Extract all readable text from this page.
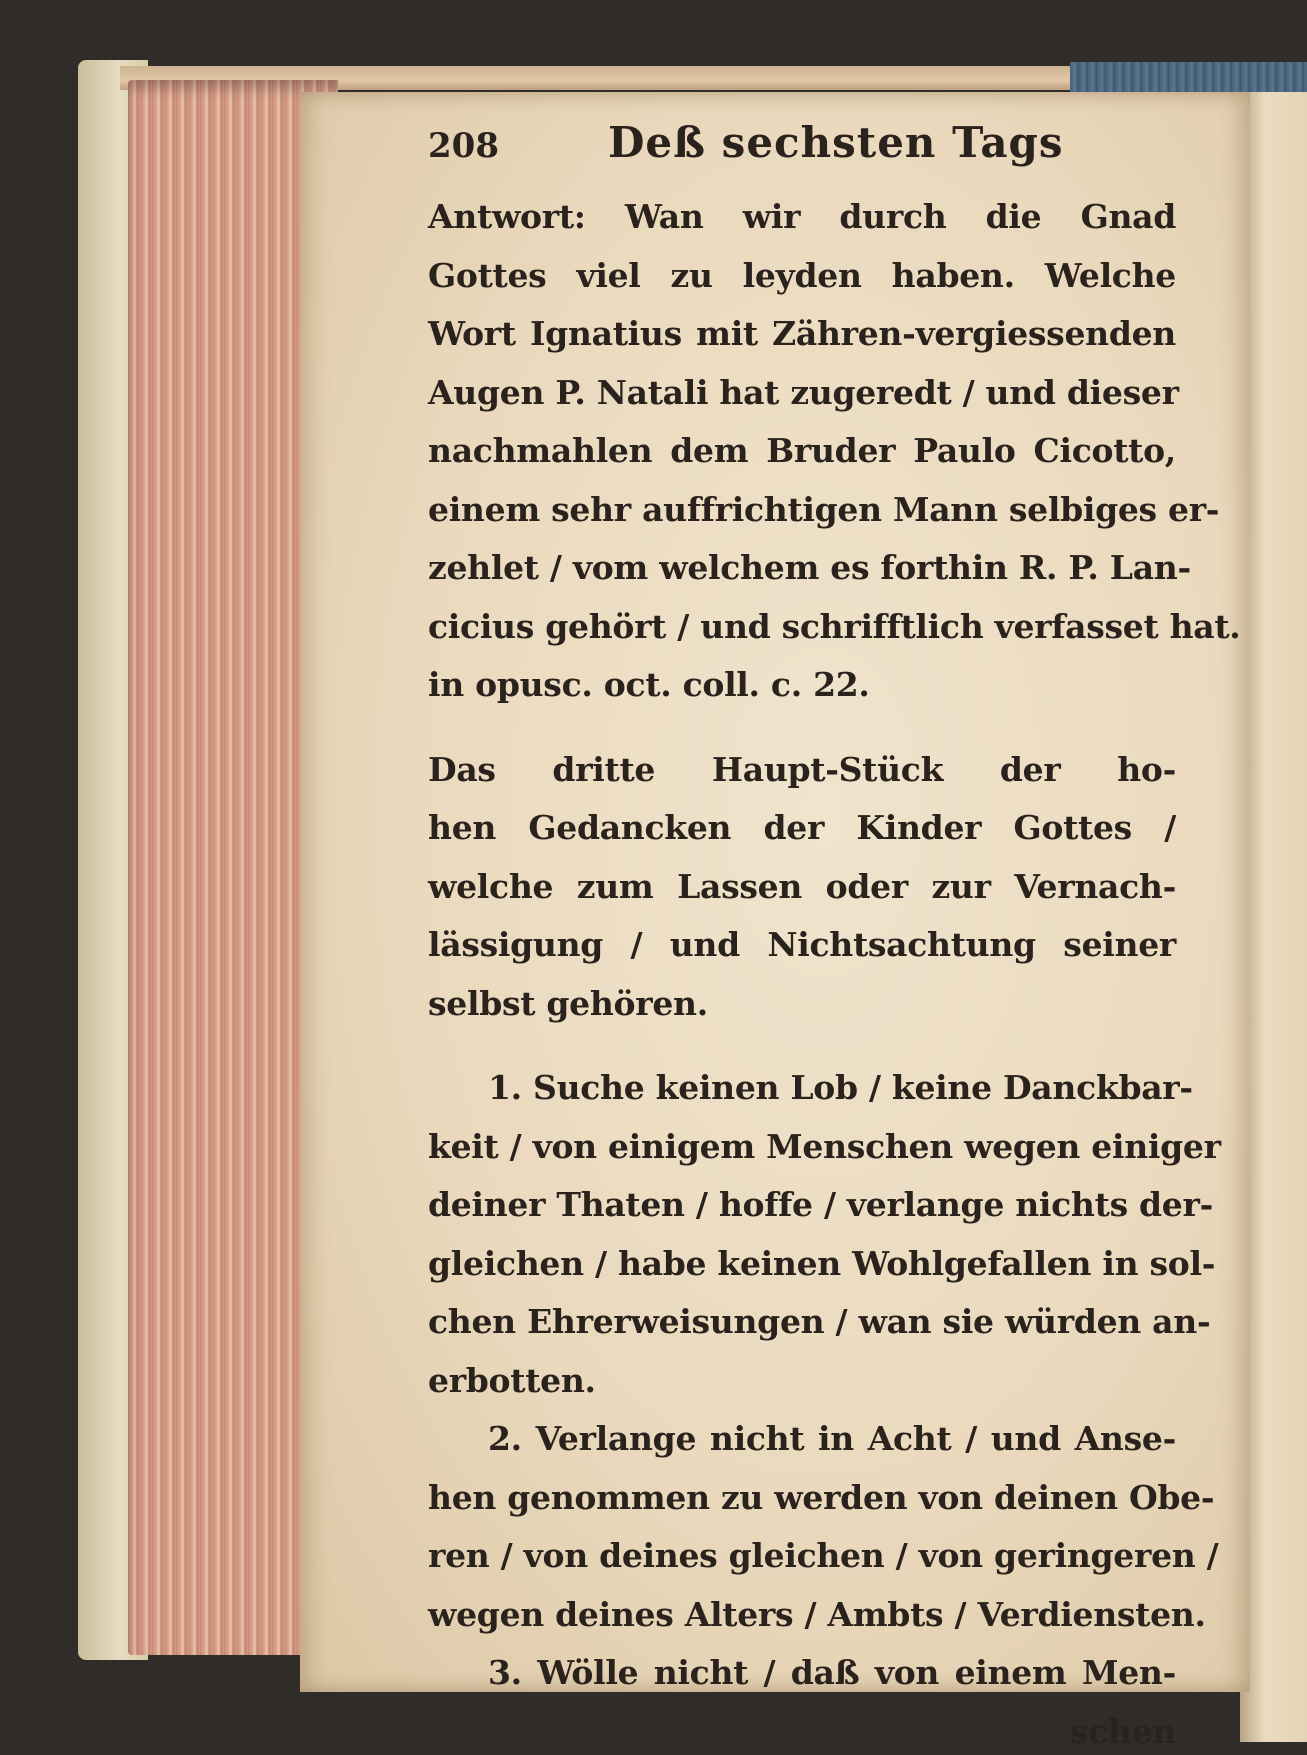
208	Deß sechsten Tags
Antwort: Wan wir durch die Gnad
Gottes viel zu leyden haben. Welche
Wort Ignatius mit Zähren-vergiessenden
Augen P. Natali hat zugeredt / und dieser
nachmahlen dem Bruder Paulo Cicotto,
einem sehr auffrichtigen Mann selbiges er-
zehlet / vom welchem es forthin R. P. Lan-
cicius gehört / und schrifftlich verfasset hat.
in opusc. oct. coll. c. 22.
Das dritte Haupt-Stück der ho-
hen Gedancken der Kinder Gottes /
welche zum Lassen oder zur Vernach-
lässigung / und Nichtsachtung seiner
selbst gehören.
1. Suche keinen Lob / keine Danckbar-
keit / von einigem Menschen wegen einiger
deiner Thaten / hoffe / verlange nichts der-
gleichen / habe keinen Wohlgefallen in sol-
chen Ehrerweisungen / wan sie würden an-
erbotten.
2. Verlange nicht in Acht / und Anse-
hen genommen zu werden von deinen Obe-
ren / von deines gleichen / von geringeren /
wegen deines Alters / Ambts / Verdiensten.
3. Wölle nicht / daß von einem Men-
schen
